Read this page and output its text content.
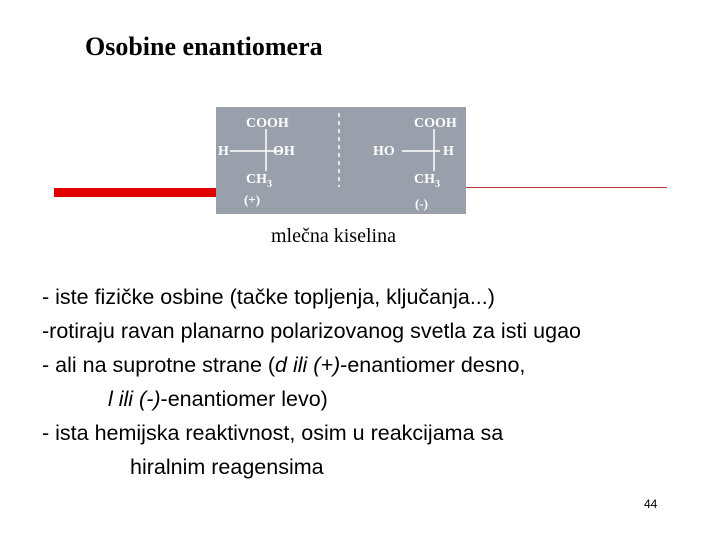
Osobine enantiomera
COOH
H	OH
$CH_3$
(+)
COOH
HO	H
$CH_3$
(-)
mlečna kiselina
- iste fizičke osbine (tačke topljenja, ključanja...)
-rotiraju ravan planarno polarizovanog svetla za isti ugao
- ali na suprotne strane (d ili (+)-enantiomer desno,
l ili (-)-enantiomer levo)
- ista hemijska reaktivnost, osim u reakcijama sa
hiralnim reagensima
44
